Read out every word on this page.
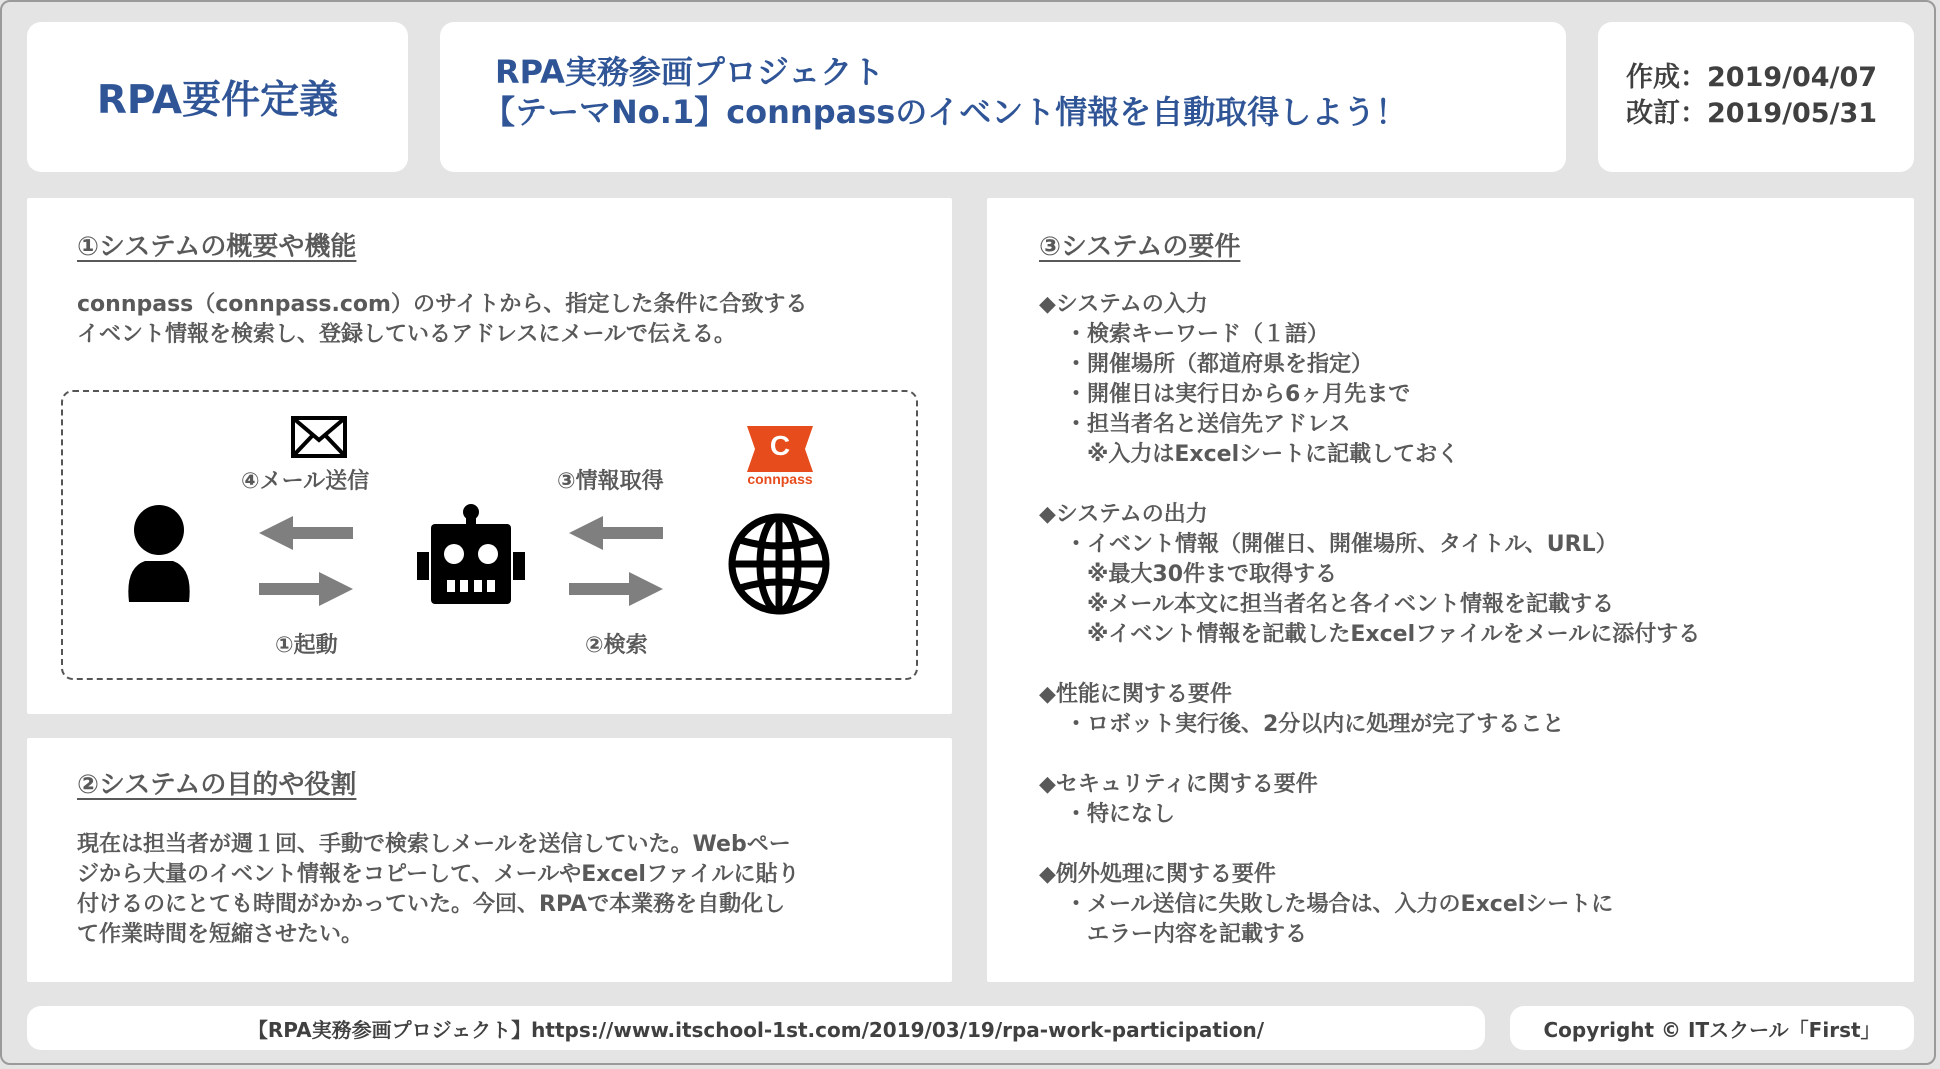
RPA要件定義
RPA実務参画プロジェクト
【テーマNo.1】connpassのイベント情報を自動取得しよう！
作成：2019/04/07
改訂：2019/05/31
①システムの概要や機能
connpass（connpass.com）のサイトから、指定した条件に合致する
イベント情報を検索し、登録しているアドレスにメールで伝える。
C
connpass
④メール送信	③情報取得
①起動	②検索
②システムの目的や役割
現在は担当者が週１回、手動で検索しメールを送信していた。Webペー
ジから大量のイベント情報をコピーして、メールやExcelファイルに貼り
付けるのにとても時間がかかっていた。今回、RPAで本業務を自動化し
て作業時間を短縮させたい。
③システムの要件
◆システムの入力
・検索キーワード（１語）
・開催場所（都道府県を指定）
・開催日は実行日から6ヶ月先まで
・担当者名と送信先アドレス
　※入力はExcelシートに記載しておく
◆システムの出力
・イベント情報（開催日、開催場所、タイトル、URL）
　※最大30件まで取得する
　※メール本文に担当者名と各イベント情報を記載する
　※イベント情報を記載したExcelファイルをメールに添付する
◆性能に関する要件
・ロボット実行後、2分以内に処理が完了すること
◆セキュリティに関する要件
・特になし
◆例外処理に関する要件
・メール送信に失敗した場合は、入力のExcelシートに
　エラー内容を記載する
【RPA実務参画プロジェクト】https://www.itschool-1st.com/2019/03/19/rpa-work-participation/	Copyright © ITスクール「First」
